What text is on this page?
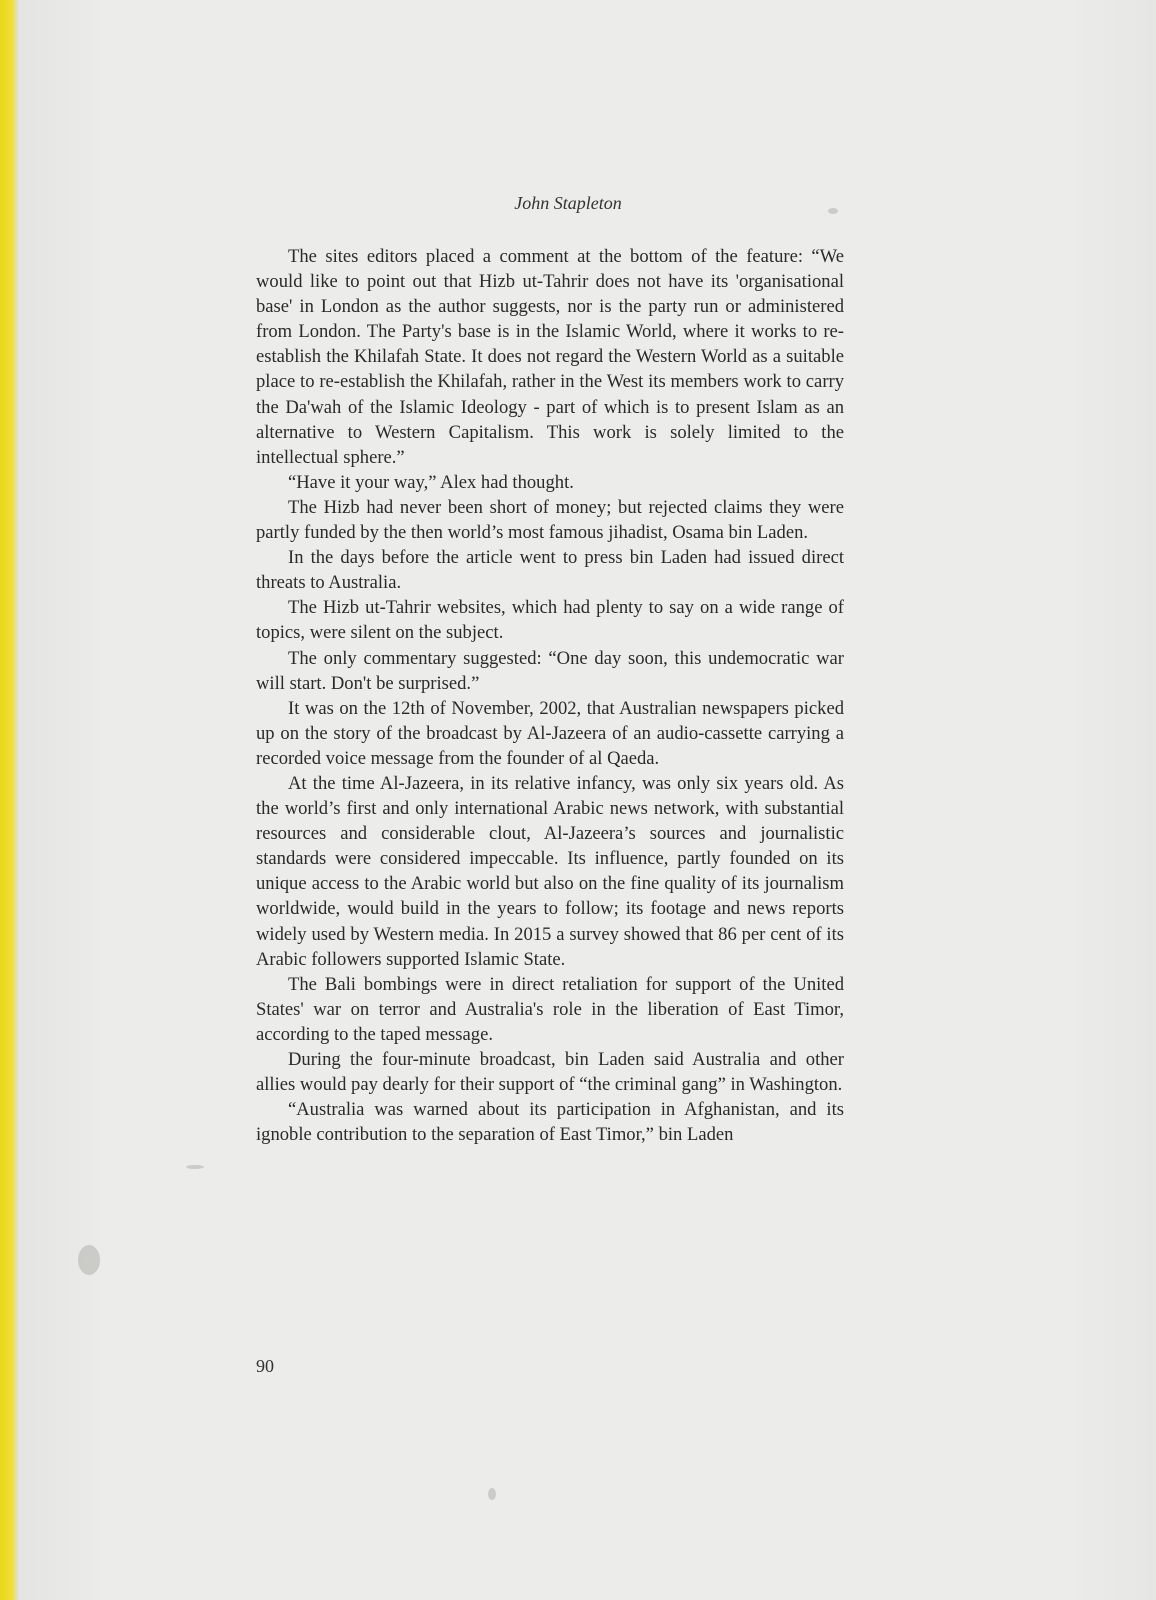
John Stapleton

The sites editors placed a comment at the bottom of the feature: “We would like to point out that Hizb ut-Tahrir does not have its 'organisational base' in London as the author suggests, nor is the party run or administered from London. The Party's base is in the Islamic World, where it works to re-establish the Khilafah State. It does not regard the Western World as a suitable place to re-establish the Khilafah, rather in the West its members work to carry the Da'wah of the Islamic Ideology - part of which is to present Islam as an alternative to Western Capitalism. This work is solely limited to the intellectual sphere.”

“Have it your way,” Alex had thought.

The Hizb had never been short of money; but rejected claims they were partly funded by the then world’s most famous jihadist, Osama bin Laden.

In the days before the article went to press bin Laden had issued direct threats to Australia.

The Hizb ut-Tahrir websites, which had plenty to say on a wide range of topics, were silent on the subject.

The only commentary suggested: “One day soon, this undemocratic war will start. Don't be surprised.”

It was on the 12th of November, 2002, that Australian newspapers picked up on the story of the broadcast by Al-Jazeera of an audio-cassette carrying a recorded voice message from the founder of al Qaeda.

At the time Al-Jazeera, in its relative infancy, was only six years old. As the world’s first and only international Arabic news network, with substantial resources and considerable clout, Al-Jazeera’s sources and journalistic standards were considered impeccable. Its influence, partly founded on its unique access to the Arabic world but also on the fine quality of its journalism worldwide, would build in the years to follow; its footage and news reports widely used by Western media. In 2015 a survey showed that 86 per cent of its Arabic followers supported Islamic State.

The Bali bombings were in direct retaliation for support of the United States' war on terror and Australia's role in the liberation of East Timor, according to the taped message.

During the four-minute broadcast, bin Laden said Australia and other allies would pay dearly for their support of “the criminal gang” in Washington.

“Australia was warned about its participation in Afghanistan, and its ignoble contribution to the separation of East Timor,” bin Laden

90
